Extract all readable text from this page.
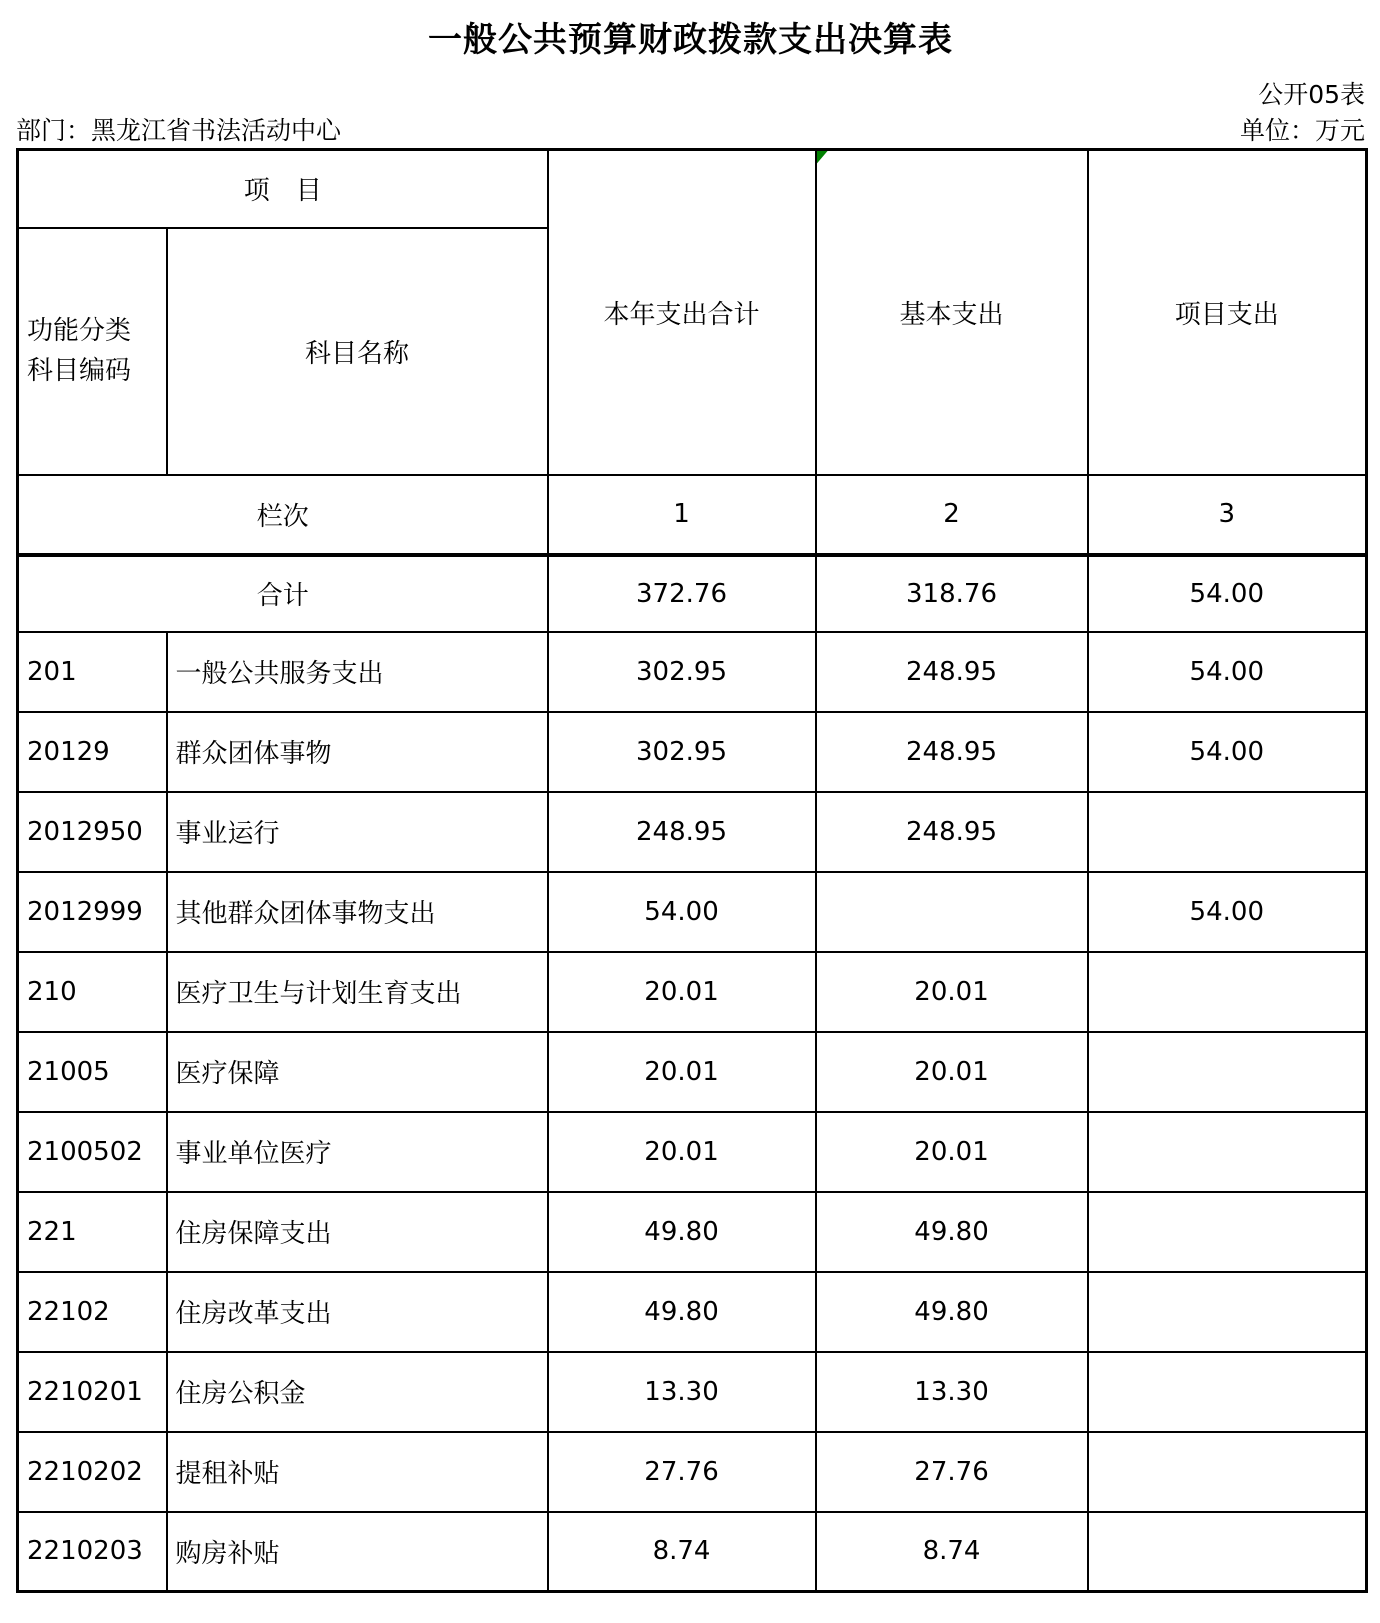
一般公共预算财政拨款支出决算表
公开05表
部门：黑龙江省书法活动中心	单位：万元
项　目		本年支出合计	基本支出	项目支出

功能分类
科目编码	科目名称			
栏次		1	2	3
合计		372.76	318.76	54.00
201	一般公共服务支出	302.95	248.95	54.00
20129	群众团体事物	302.95	248.95	54.00
2012950	事业运行	248.95	248.95	
2012999	其他群众团体事物支出	54.00		54.00
210	医疗卫生与计划生育支出	20.01	20.01	
21005	医疗保障	20.01	20.01	
2100502	事业单位医疗	20.01	20.01	
221	住房保障支出	49.80	49.80	
22102	住房改革支出	49.80	49.80	
2210201	住房公积金	13.30	13.30	
2210202	提租补贴	27.76	27.76	
2210203	购房补贴	8.74	8.74	
